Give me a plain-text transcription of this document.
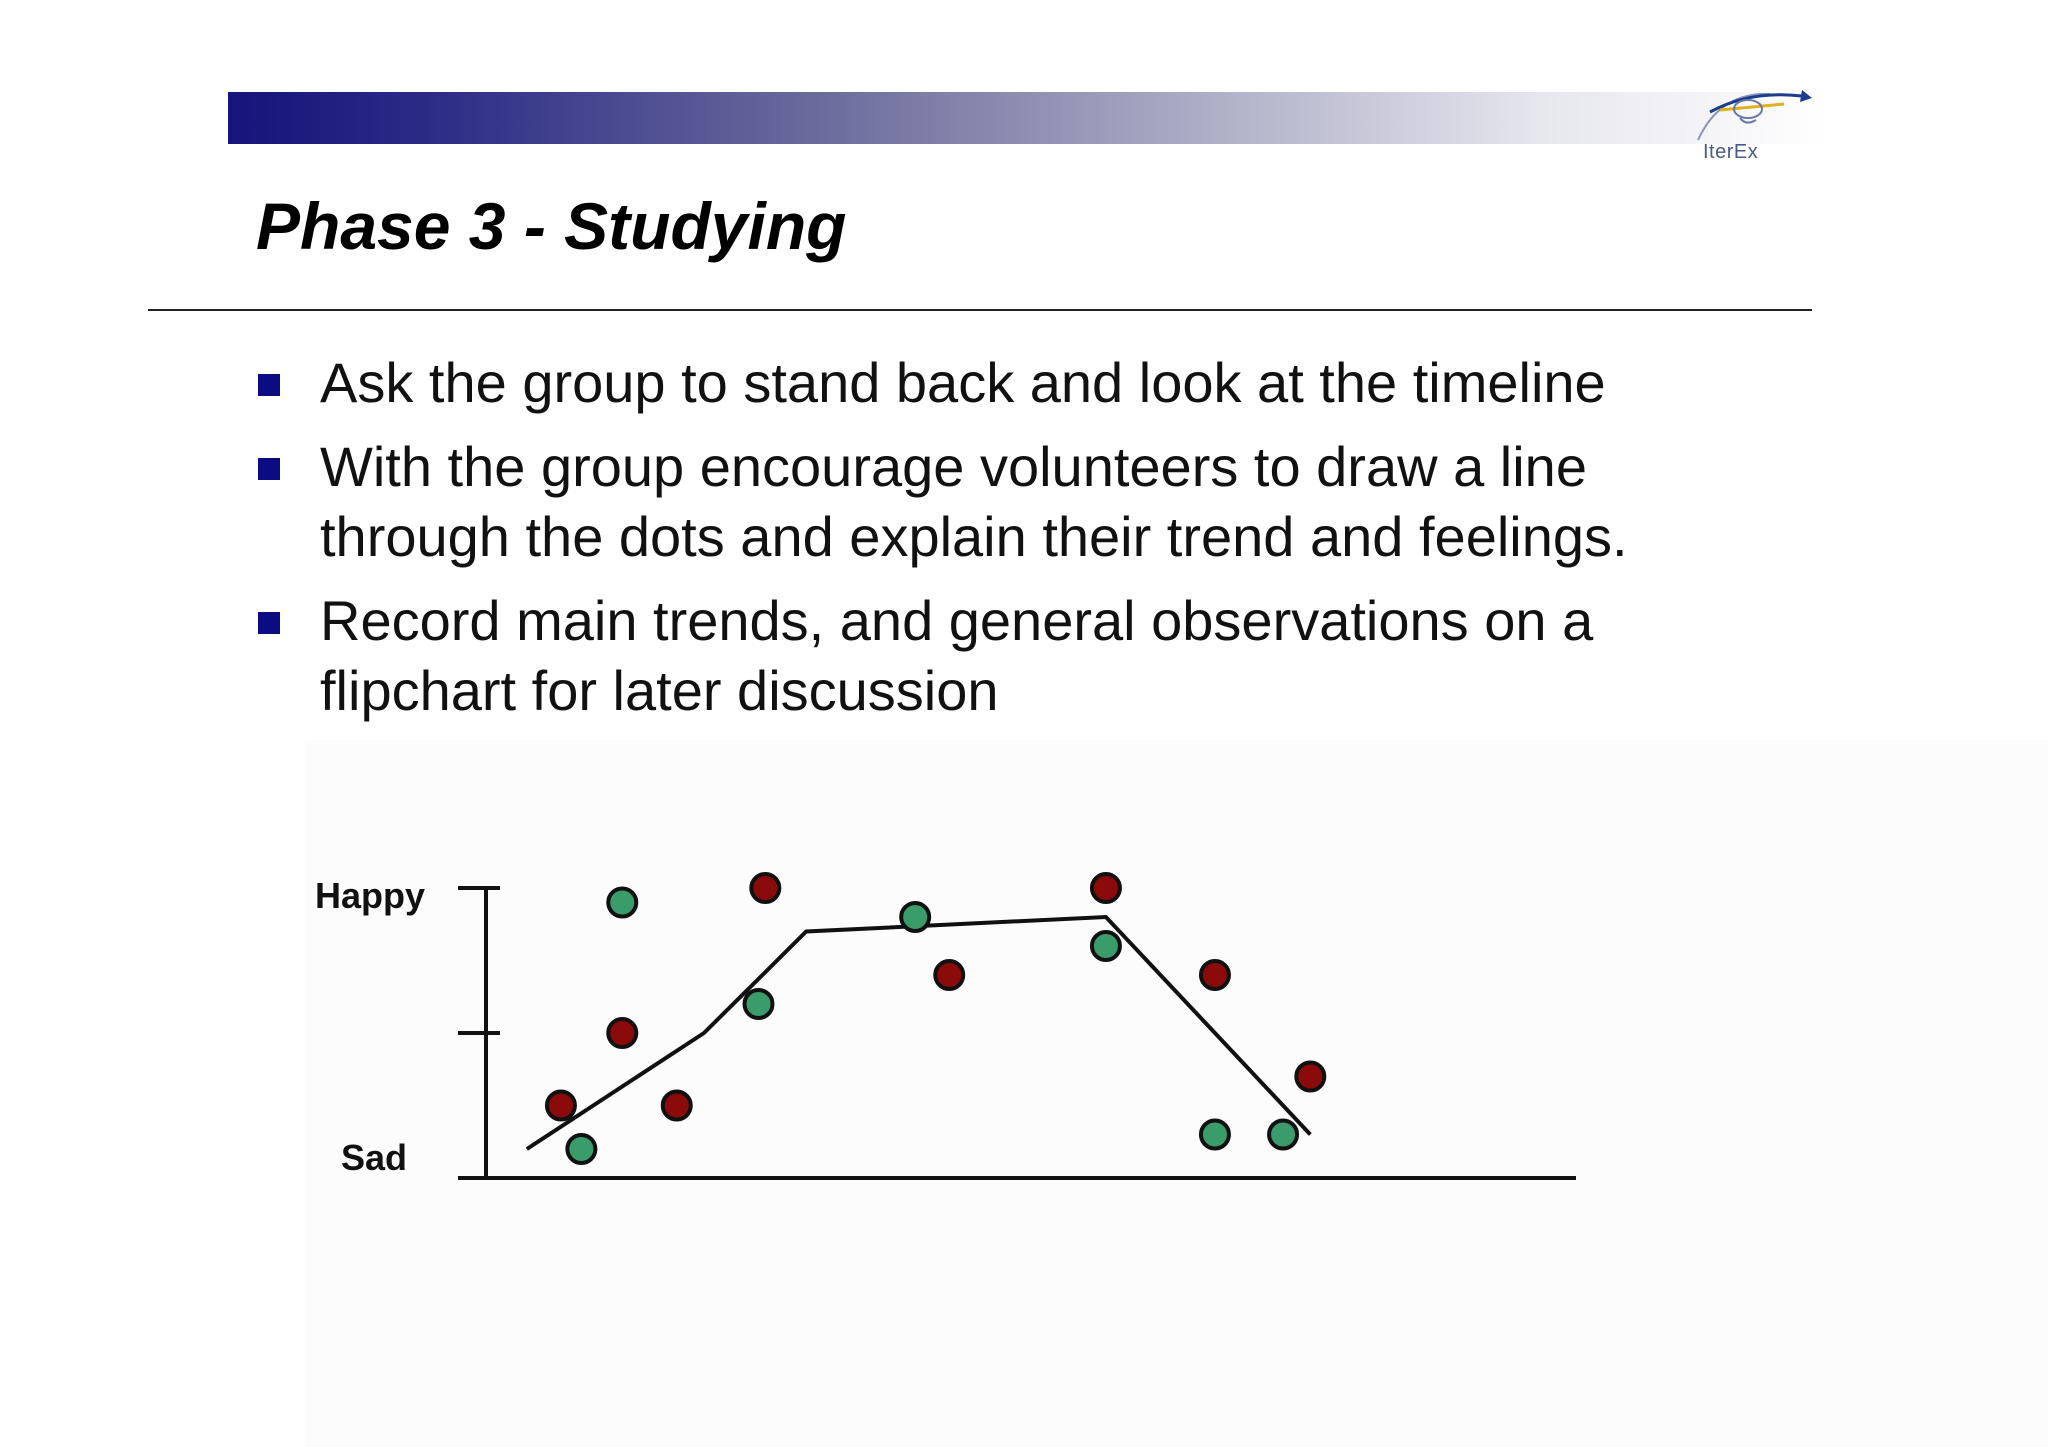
IterEx
Phase 3 - Studying
Ask the group to stand back and look at the timeline
With the group encourage volunteers to draw a line
through the dots and explain their trend and feelings.
Record main trends, and general observations on a
flipchart for later discussion
Happy
Sad
